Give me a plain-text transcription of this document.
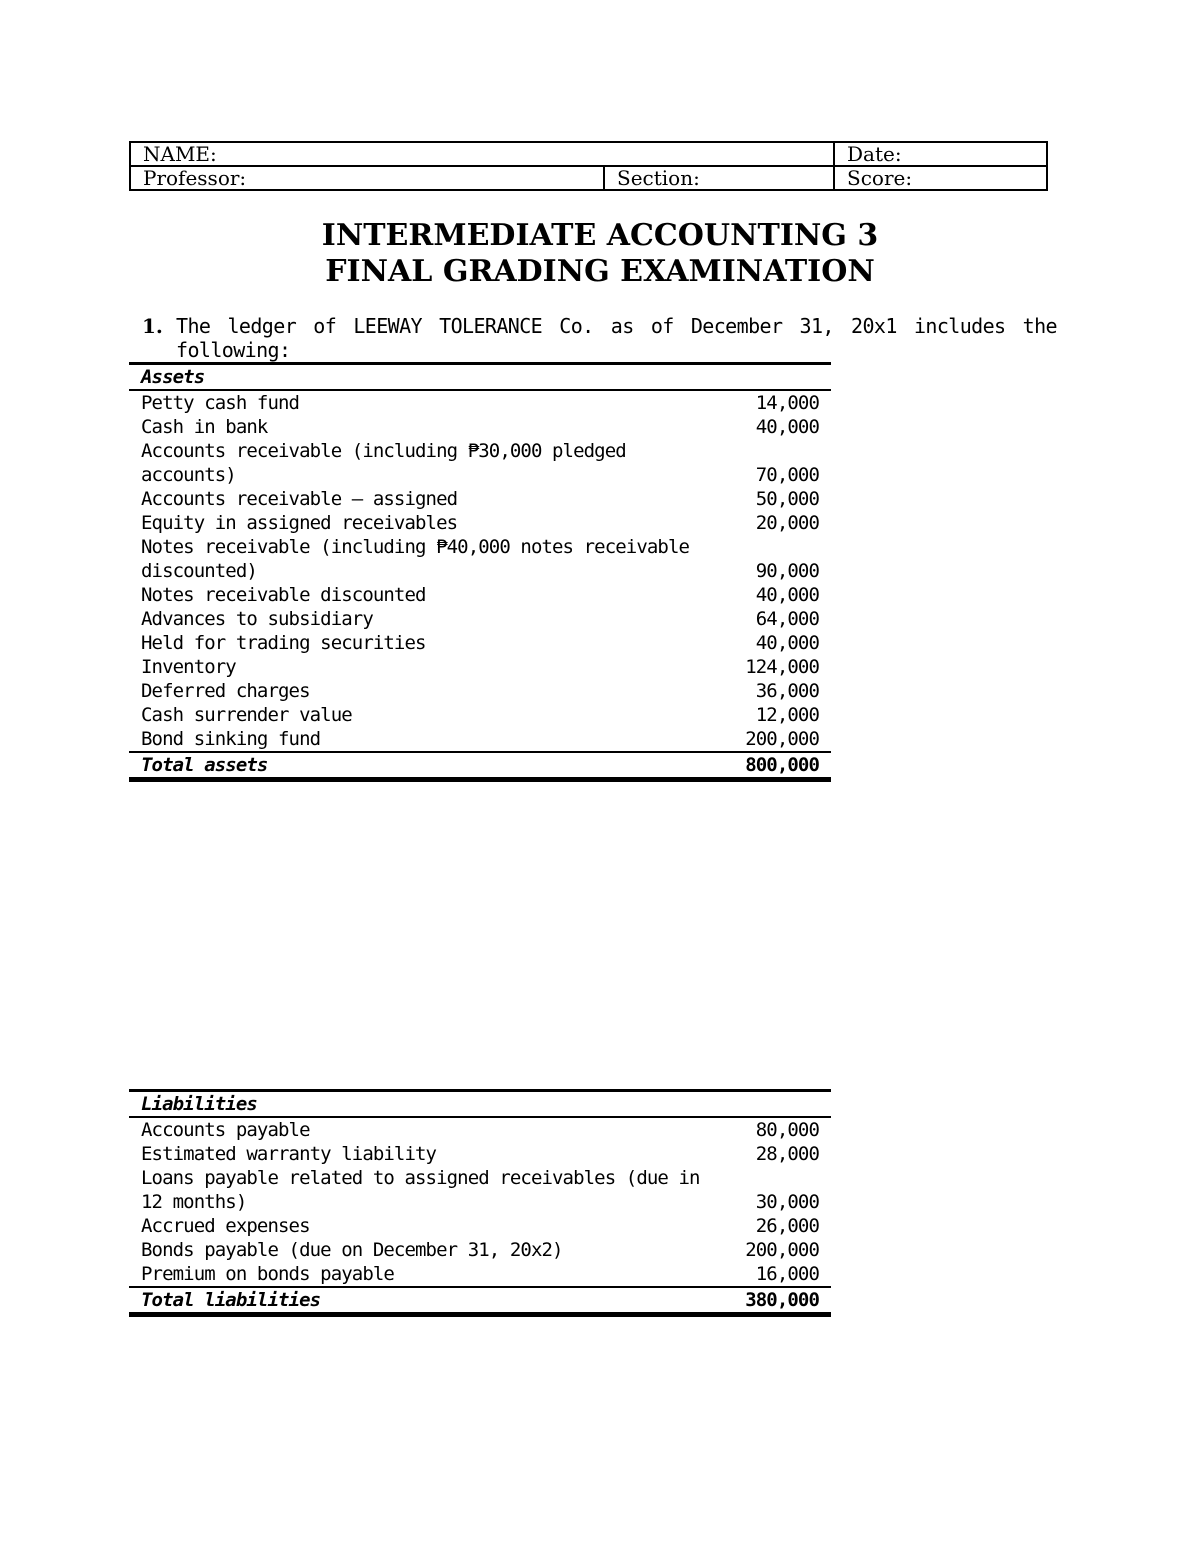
NAME:		Date:
Professor:	Section:	Score:
INTERMEDIATE ACCOUNTING 3
FINAL GRADING EXAMINATION
1. The ledger of LEEWAY TOLERANCE Co. as of December 31, 20x1 includes the following:
Assets
Petty cash fund	14,000
Cash in bank	40,000
Accounts receivable (including ₱30,000 pledged accounts)	70,000
Accounts receivable – assigned	50,000
Equity in assigned receivables	20,000
Notes receivable (including ₱40,000 notes receivable discounted)	90,000
Notes receivable discounted	40,000
Advances to subsidiary	64,000
Held for trading securities	40,000
Inventory	124,000
Deferred charges	36,000
Cash surrender value	12,000
Bond sinking fund	200,000
Total assets	800,000
Liabilities
Accounts payable	80,000
Estimated warranty liability	28,000
Loans payable related to assigned receivables (due in 12 months)	30,000
Accrued expenses	26,000
Bonds payable (due on December 31, 20x2)	200,000
Premium on bonds payable	16,000
Total liabilities	380,000
